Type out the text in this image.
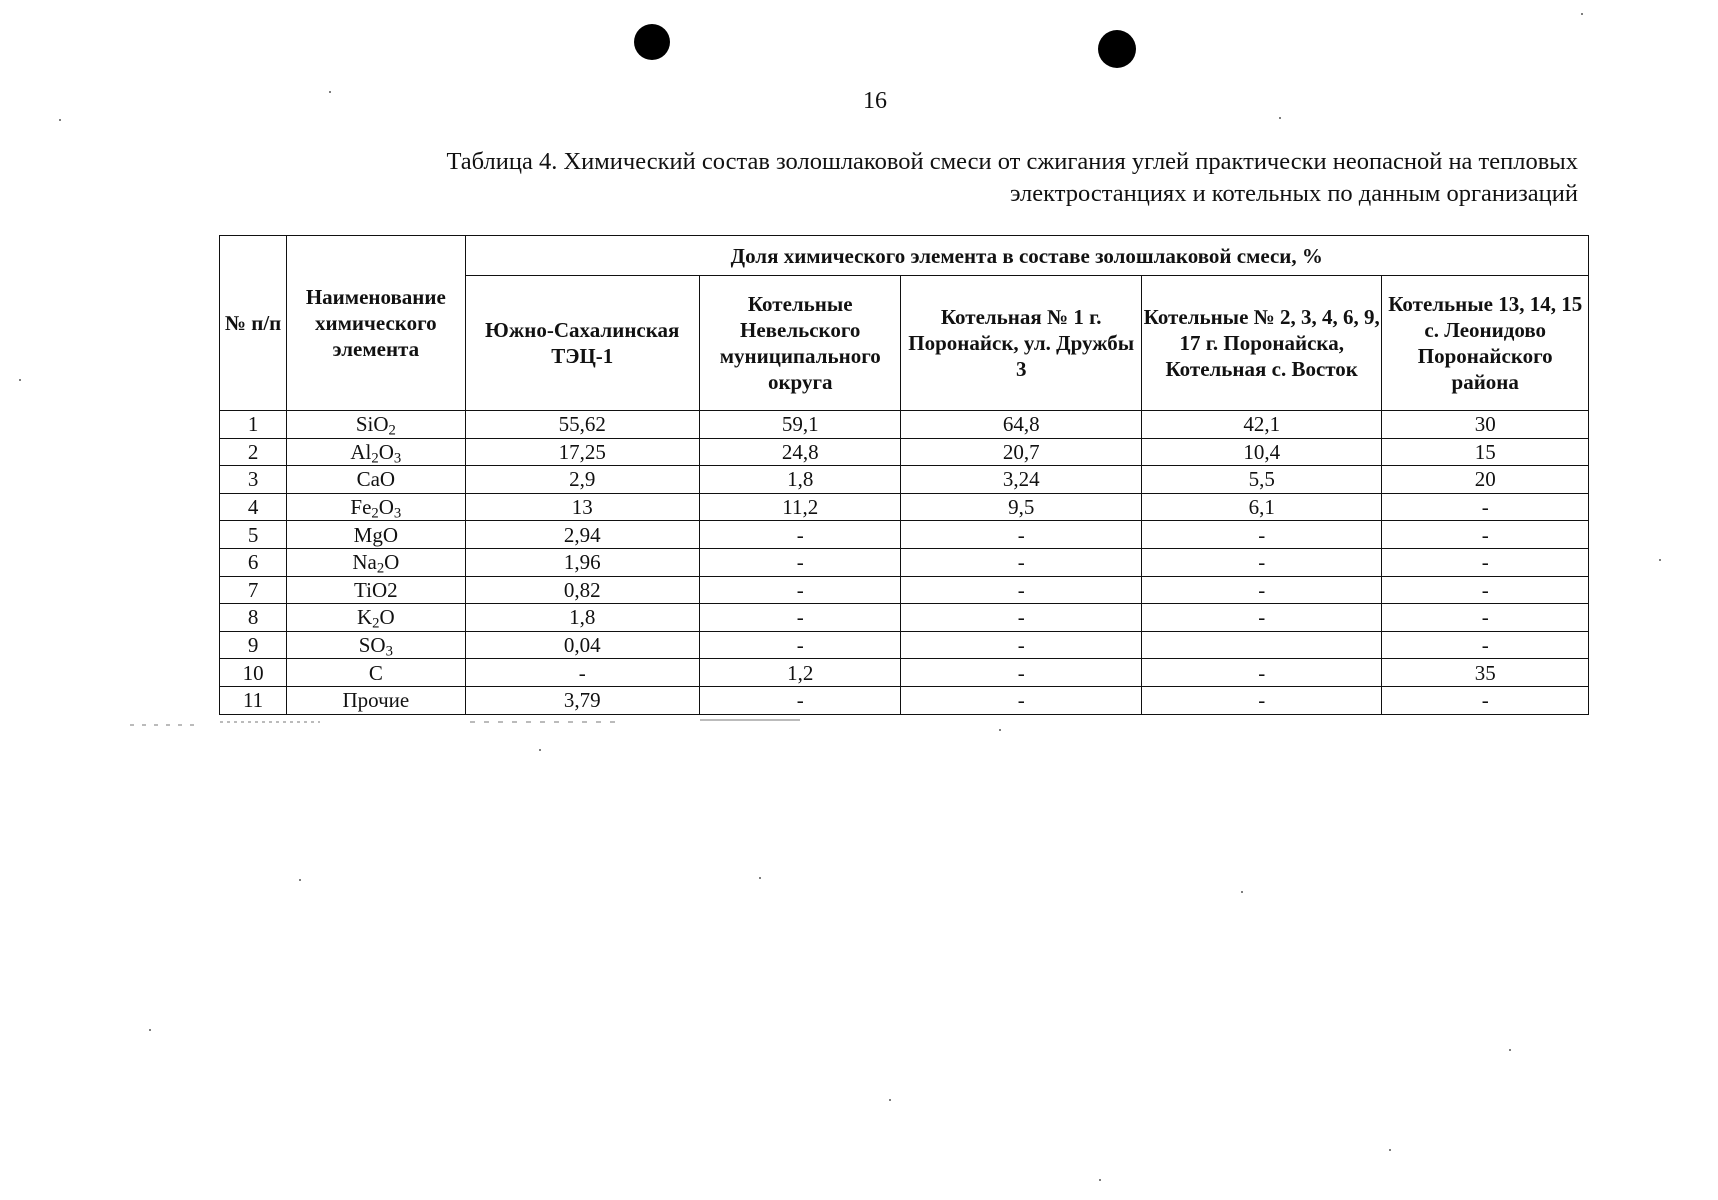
16
Таблица 4. Химический состав золошлаковой смеси от сжигания углей практически неопасной на тепловых
электростанциях и котельных по данным организаций
№ п/п	Наименование химического элемента	Доля химического элемента в составе золошлаковой смеси, %				
		Южно-Сахалинская ТЭЦ-1	Котельные Невельского муниципального округа	Котельная № 1 г. Поронайск, ул. Дружбы 3	Котельные № 2, 3, 4, 6, 9, 17 г. Поронайска, Котельная с. Восток	Котельные 13, 14, 15 с. Леонидово Поронайского района
1	SiO$_2$	55,62	59,1	64,8	42,1	30
2	$Al_2O_3$	17,25	24,8	20,7	10,4	15
3	CaO	2,9	1,8	3,24	5,5	20
4	$Fe_2O_3$	13	11,2	9,5	6,1	-
5	MgO	2,94	-	-	-	-
6	$Na_2O$	1,96	-	-	-	-
7	TiO2	0,82	-	-	-	-
8	$K_2O$	1,8	-	-	-	-
9	$SO_3$	0,04	-	-		-
10	C	-	1,2	-	-	35
11	Прочие	3,79	-	-	-	-
